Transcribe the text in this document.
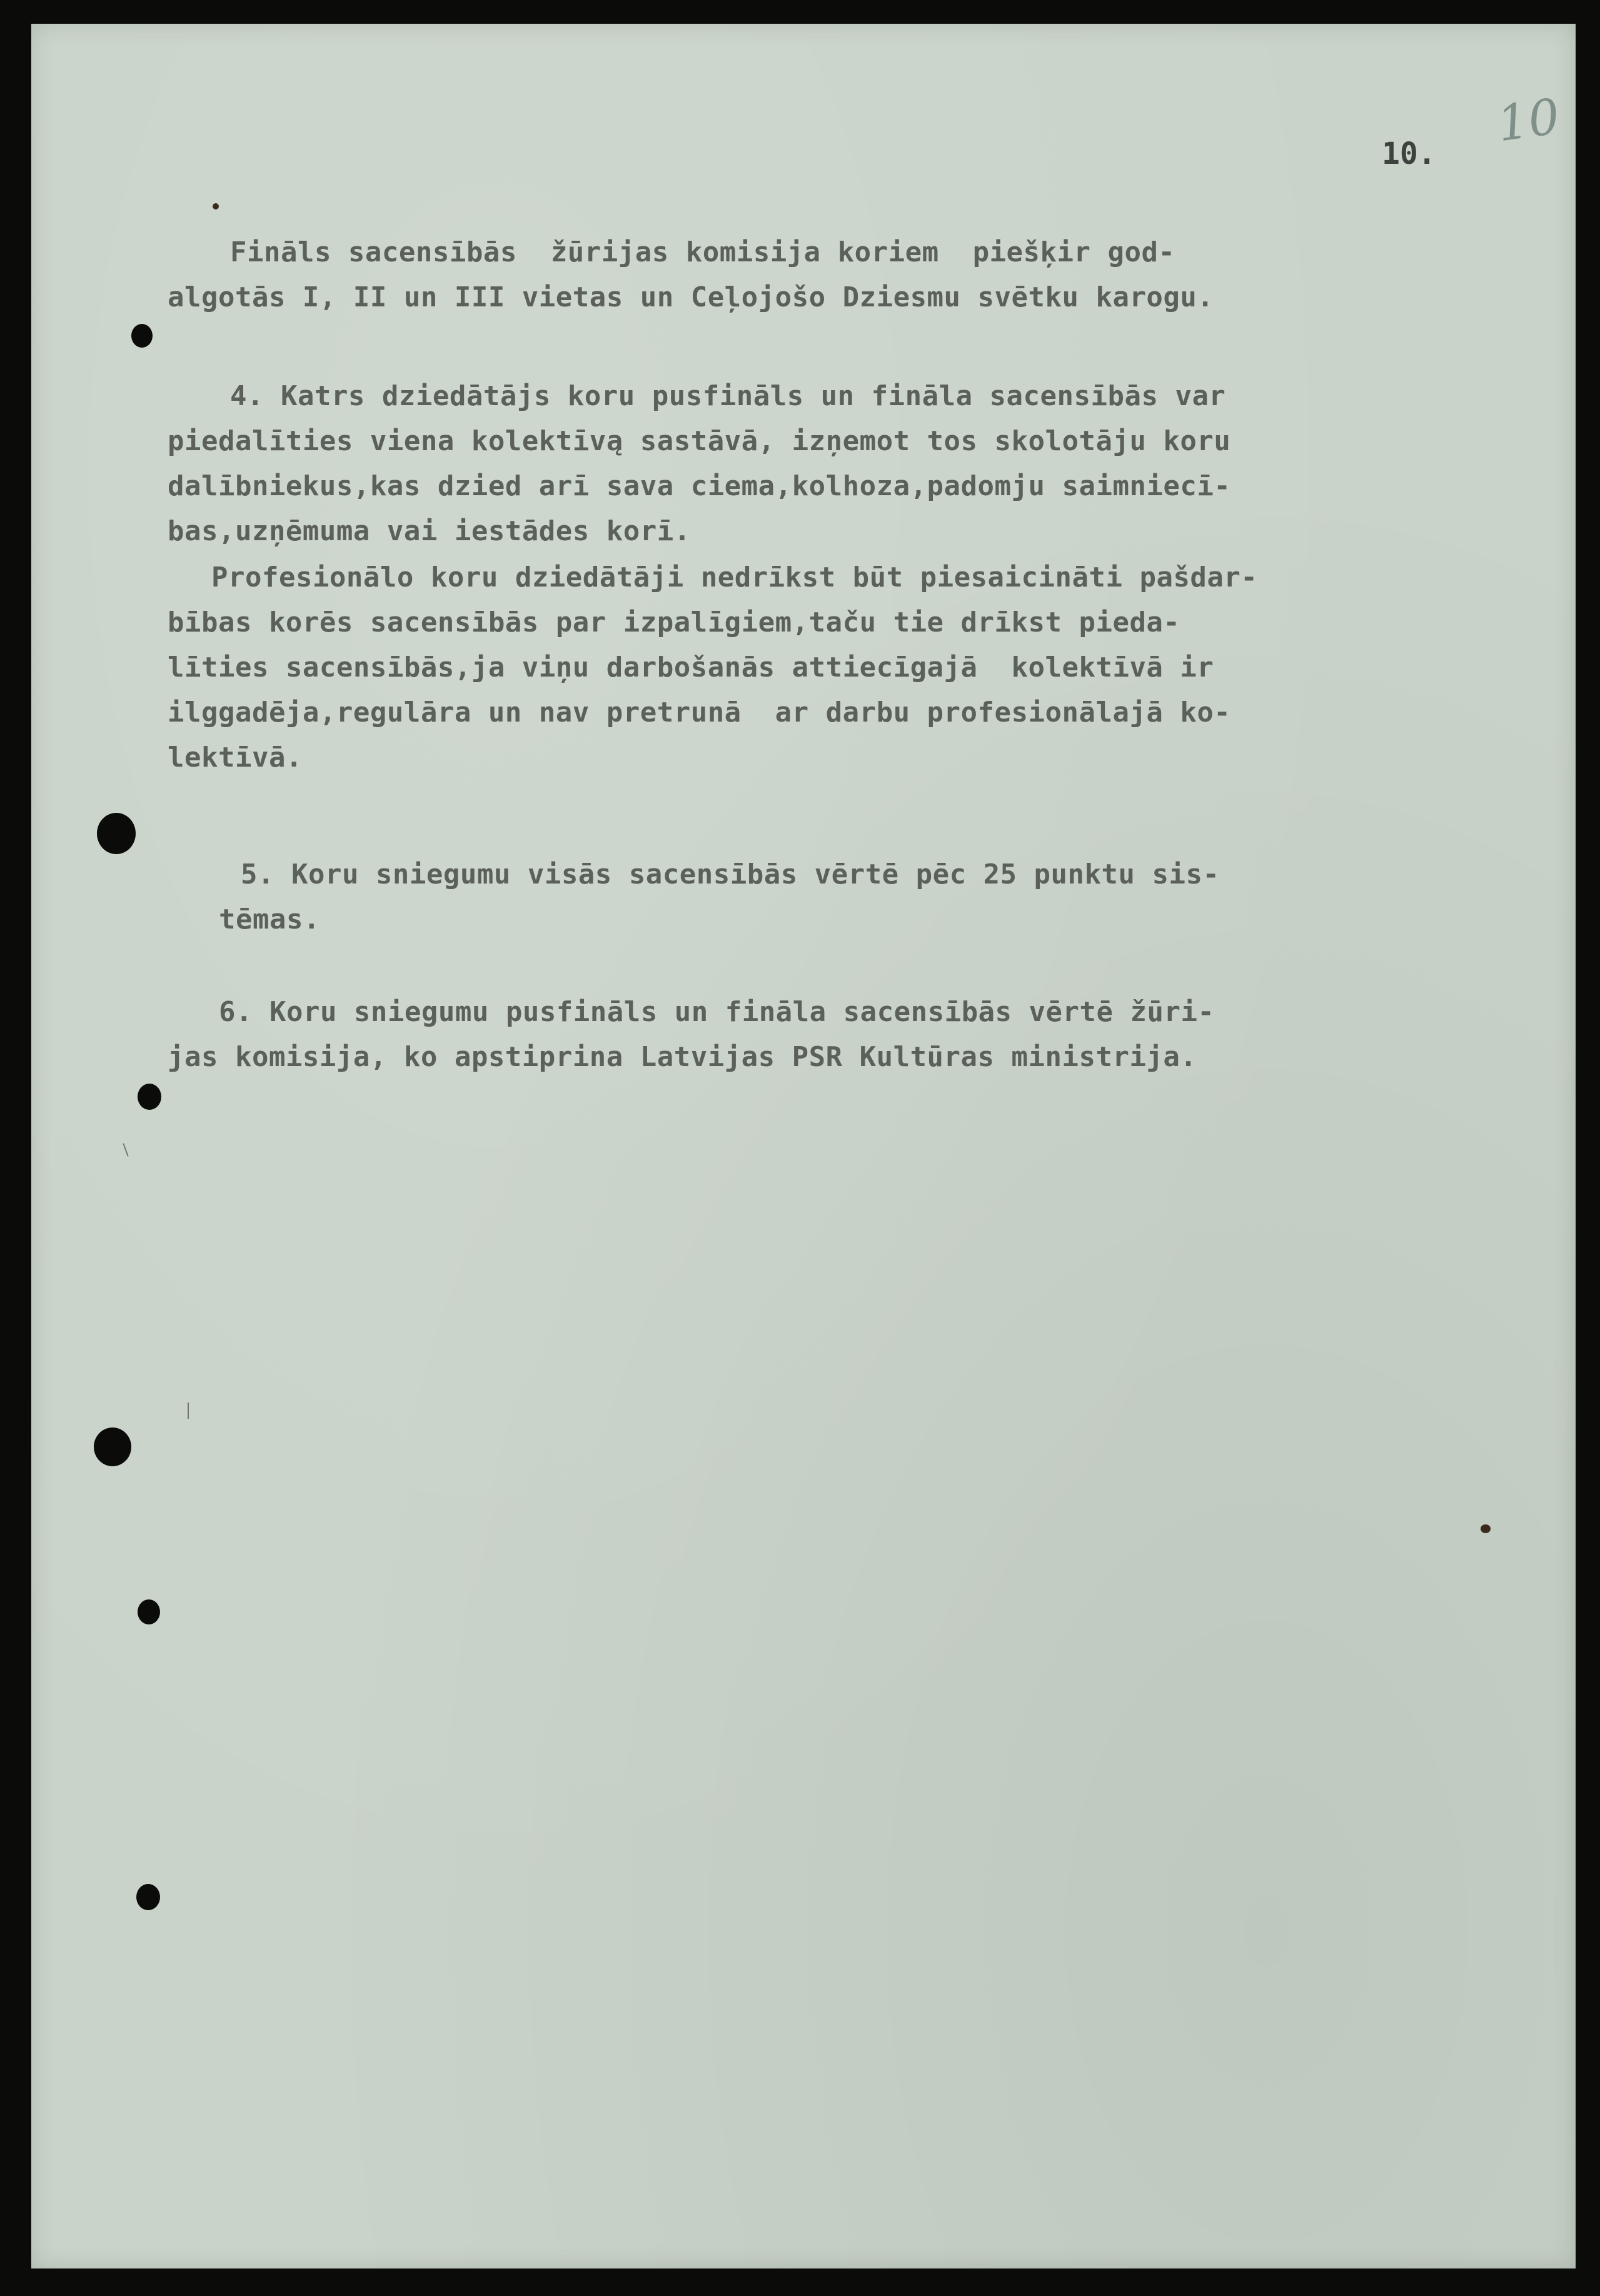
10
10.
Fināls sacensībās  žūrijas komisija koriem  piešķir god-
algotās I, II un III vietas un Ceļojošo Dziesmu svētku karogu.
4. Katrs dziedātājs koru pusfināls un fināla sacensībās var
piedalīties viena kolektīvą sastāvā, izņemot tos skolotāju koru
dalībniekus,kas dzied arī sava ciema,kolhoza,padomju saimniecī-
bas,uzņēmuma vai iestādes korī.
Profesionālo koru dziedātāji nedrīkst būt piesaicināti pašdar-
bības korēs sacensībās par izpalīgiem,taču tie drīkst pieda-
līties sacensībās,ja viņu darbošanās attiecīgajā  kolektīvā ir
ilggadēja,regulāra un nav pretrunā  ar darbu profesionālajā ko-
lektīvā.
5. Koru sniegumu visās sacensībās vērtē pēc 25 punktu sis-
tēmas.
6. Koru sniegumu pusfināls un fināla sacensībās vērtē žūri-
jas komisija, ko apstiprina Latvijas PSR Kultūras ministrija.
